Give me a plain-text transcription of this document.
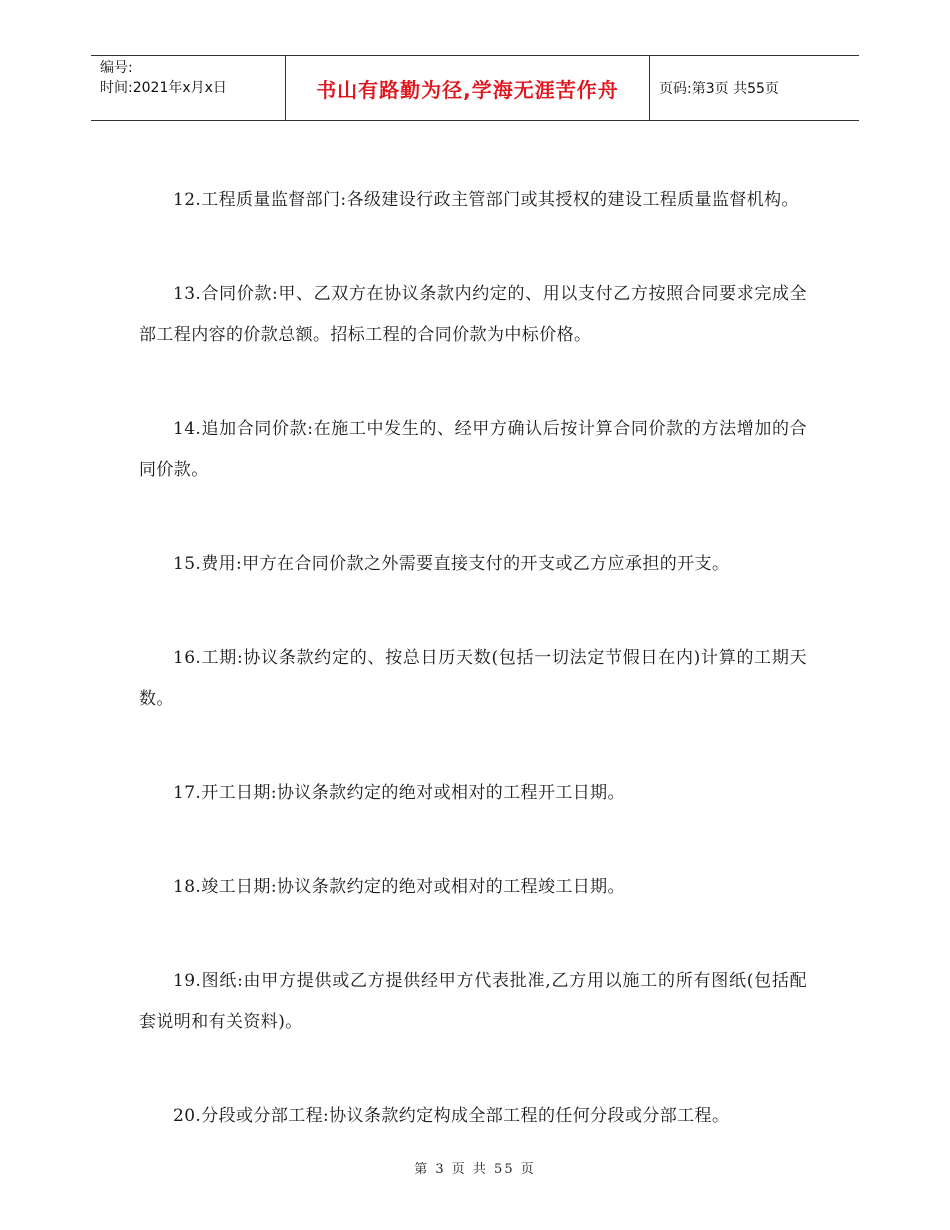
编号:
时间:2021年x月x日	书山有路勤为径,学海无涯苦作舟	页码:第3页 共55页

12.工程质量监督部门:各级建设行政主管部门或其授权的建设工程质量监督机构。

13.合同价款:甲、乙双方在协议条款内约定的、用以支付乙方按照合同要求完成全部工程内容的价款总额。招标工程的合同价款为中标价格。

14.追加合同价款:在施工中发生的、经甲方确认后按计算合同价款的方法增加的合同价款。

15.费用:甲方在合同价款之外需要直接支付的开支或乙方应承担的开支。

16.工期:协议条款约定的、按总日历天数(包括一切法定节假日在内)计算的工期天数。

17.开工日期:协议条款约定的绝对或相对的工程开工日期。

18.竣工日期:协议条款约定的绝对或相对的工程竣工日期。

19.图纸:由甲方提供或乙方提供经甲方代表批准,乙方用以施工的所有图纸(包括配套说明和有关资料)。

20.分段或分部工程:协议条款约定构成全部工程的任何分段或分部工程。

第 3 页 共 55 页
